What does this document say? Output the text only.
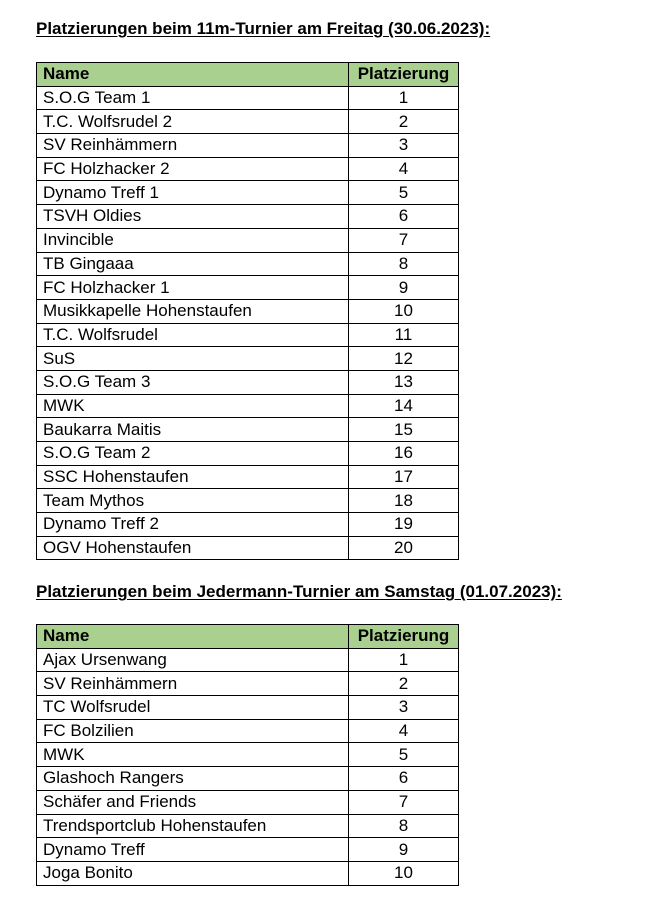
Platzierungen beim 11m-Turnier am Freitag (30.06.2023):
Name	Platzierung
S.O.G Team 1	1
T.C. Wolfsrudel 2	2
SV Reinhämmern	3
FC Holzhacker 2	4
Dynamo Treff 1	5
TSVH Oldies	6
Invincible	7
TB Gingaaa	8
FC Holzhacker 1	9
Musikkapelle Hohenstaufen	10
T.C. Wolfsrudel	11
SuS	12
S.O.G Team 3	13
MWK	14
Baukarra Maitis	15
S.O.G Team 2	16
SSC Hohenstaufen	17
Team Mythos	18
Dynamo Treff 2	19
OGV Hohenstaufen	20
Platzierungen beim Jedermann-Turnier am Samstag (01.07.2023):
Name	Platzierung
Ajax Ursenwang	1
SV Reinhämmern	2
TC Wolfsrudel	3
FC Bolzilien	4
MWK	5
Glashoch Rangers	6
Schäfer and Friends	7
Trendsportclub Hohenstaufen	8
Dynamo Treff	9
Joga Bonito	10
